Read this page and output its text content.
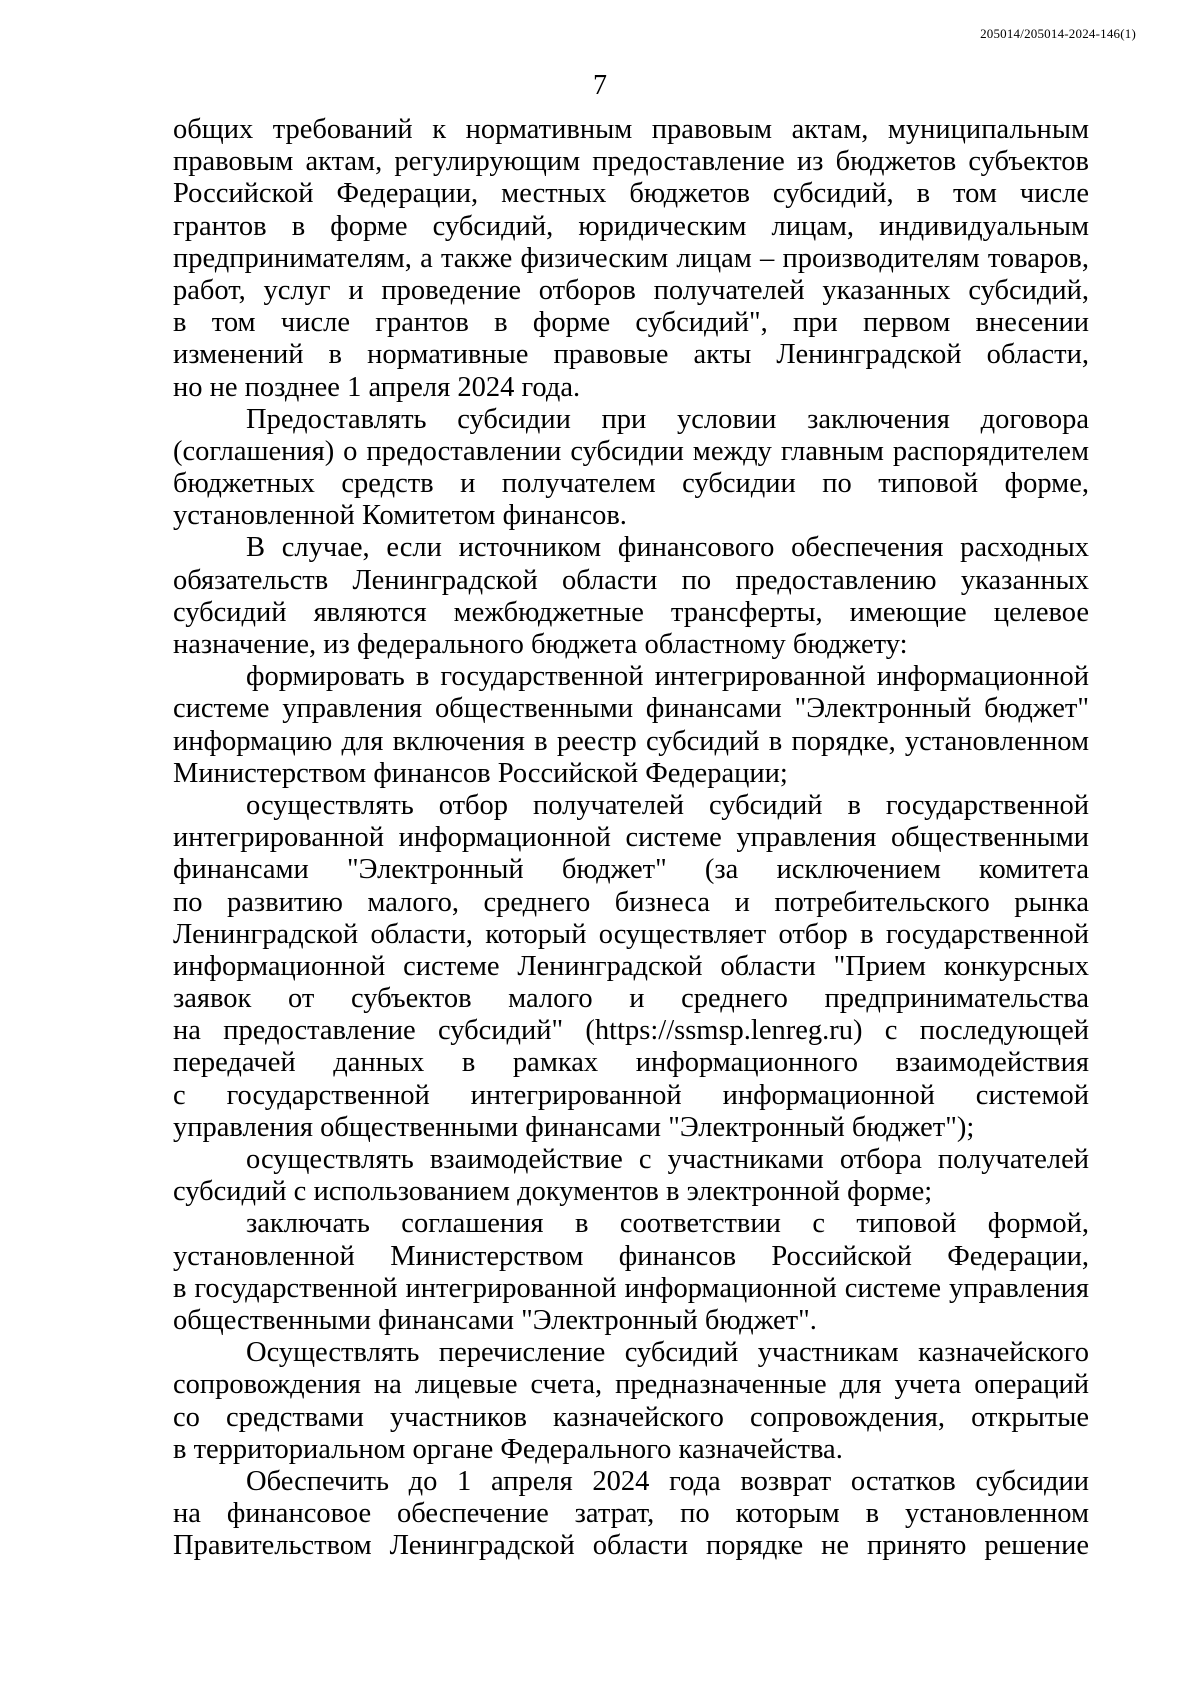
205014/205014-2024-146(1)
7
общих требований к нормативным правовым актам, муниципальным
правовым актам, регулирующим предоставление из бюджетов субъектов
Российской Федерации, местных бюджетов субсидий, в том числе
грантов в форме субсидий, юридическим лицам, индивидуальным
предпринимателям, а также физическим лицам – производителям товаров,
работ, услуг и проведение отборов получателей указанных субсидий,
в том числе грантов в форме субсидий", при первом внесении
изменений в нормативные правовые акты Ленинградской области,
но не позднее 1 апреля 2024 года.
Предоставлять субсидии при условии заключения договора
(соглашения) о предоставлении субсидии между главным распорядителем
бюджетных средств и получателем субсидии по типовой форме,
установленной Комитетом финансов.
В случае, если источником финансового обеспечения расходных
обязательств Ленинградской области по предоставлению указанных
субсидий являются межбюджетные трансферты, имеющие целевое
назначение, из федерального бюджета областному бюджету:
формировать в государственной интегрированной информационной
системе управления общественными финансами "Электронный бюджет"
информацию для включения в реестр субсидий в порядке, установленном
Министерством финансов Российской Федерации;
осуществлять отбор получателей субсидий в государственной
интегрированной информационной системе управления общественными
финансами "Электронный бюджет" (за исключением комитета
по развитию малого, среднего бизнеса и потребительского рынка
Ленинградской области, который осуществляет отбор в государственной
информационной системе Ленинградской области "Прием конкурсных
заявок от субъектов малого и среднего предпринимательства
на предоставление субсидий" (https://ssmsp.lenreg.ru) с последующей
передачей данных в рамках информационного взаимодействия
с государственной интегрированной информационной системой
управления общественными финансами "Электронный бюджет");
осуществлять взаимодействие с участниками отбора получателей
субсидий с использованием документов в электронной форме;
заключать соглашения в соответствии с типовой формой,
установленной Министерством финансов Российской Федерации,
в государственной интегрированной информационной системе управления
общественными финансами "Электронный бюджет".
Осуществлять перечисление субсидий участникам казначейского
сопровождения на лицевые счета, предназначенные для учета операций
со средствами участников казначейского сопровождения, открытые
в территориальном органе Федерального казначейства.
Обеспечить до 1 апреля 2024 года возврат остатков субсидии
на финансовое обеспечение затрат, по которым в установленном
Правительством Ленинградской области порядке не принято решение
